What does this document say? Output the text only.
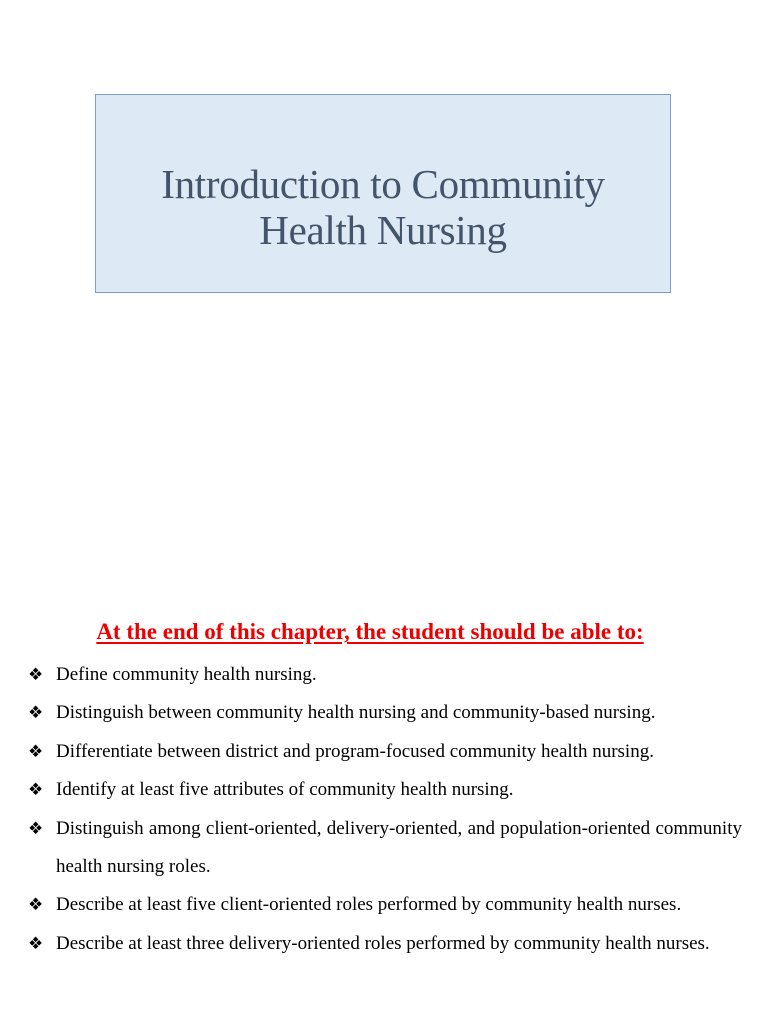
Introduction to Community
Health Nursing
At the end of this chapter, the student should be able to:
❖ Define community health nursing.
❖ Distinguish between community health nursing and community-based nursing.
❖ Differentiate between district and program-focused community health nursing.
❖ Identify at least five attributes of community health nursing.
❖ Distinguish among client-oriented, delivery-oriented, and population-oriented community health nursing roles.
❖ Describe at least five client-oriented roles performed by community health nurses.
❖ Describe at least three delivery-oriented roles performed by community health nurses.
